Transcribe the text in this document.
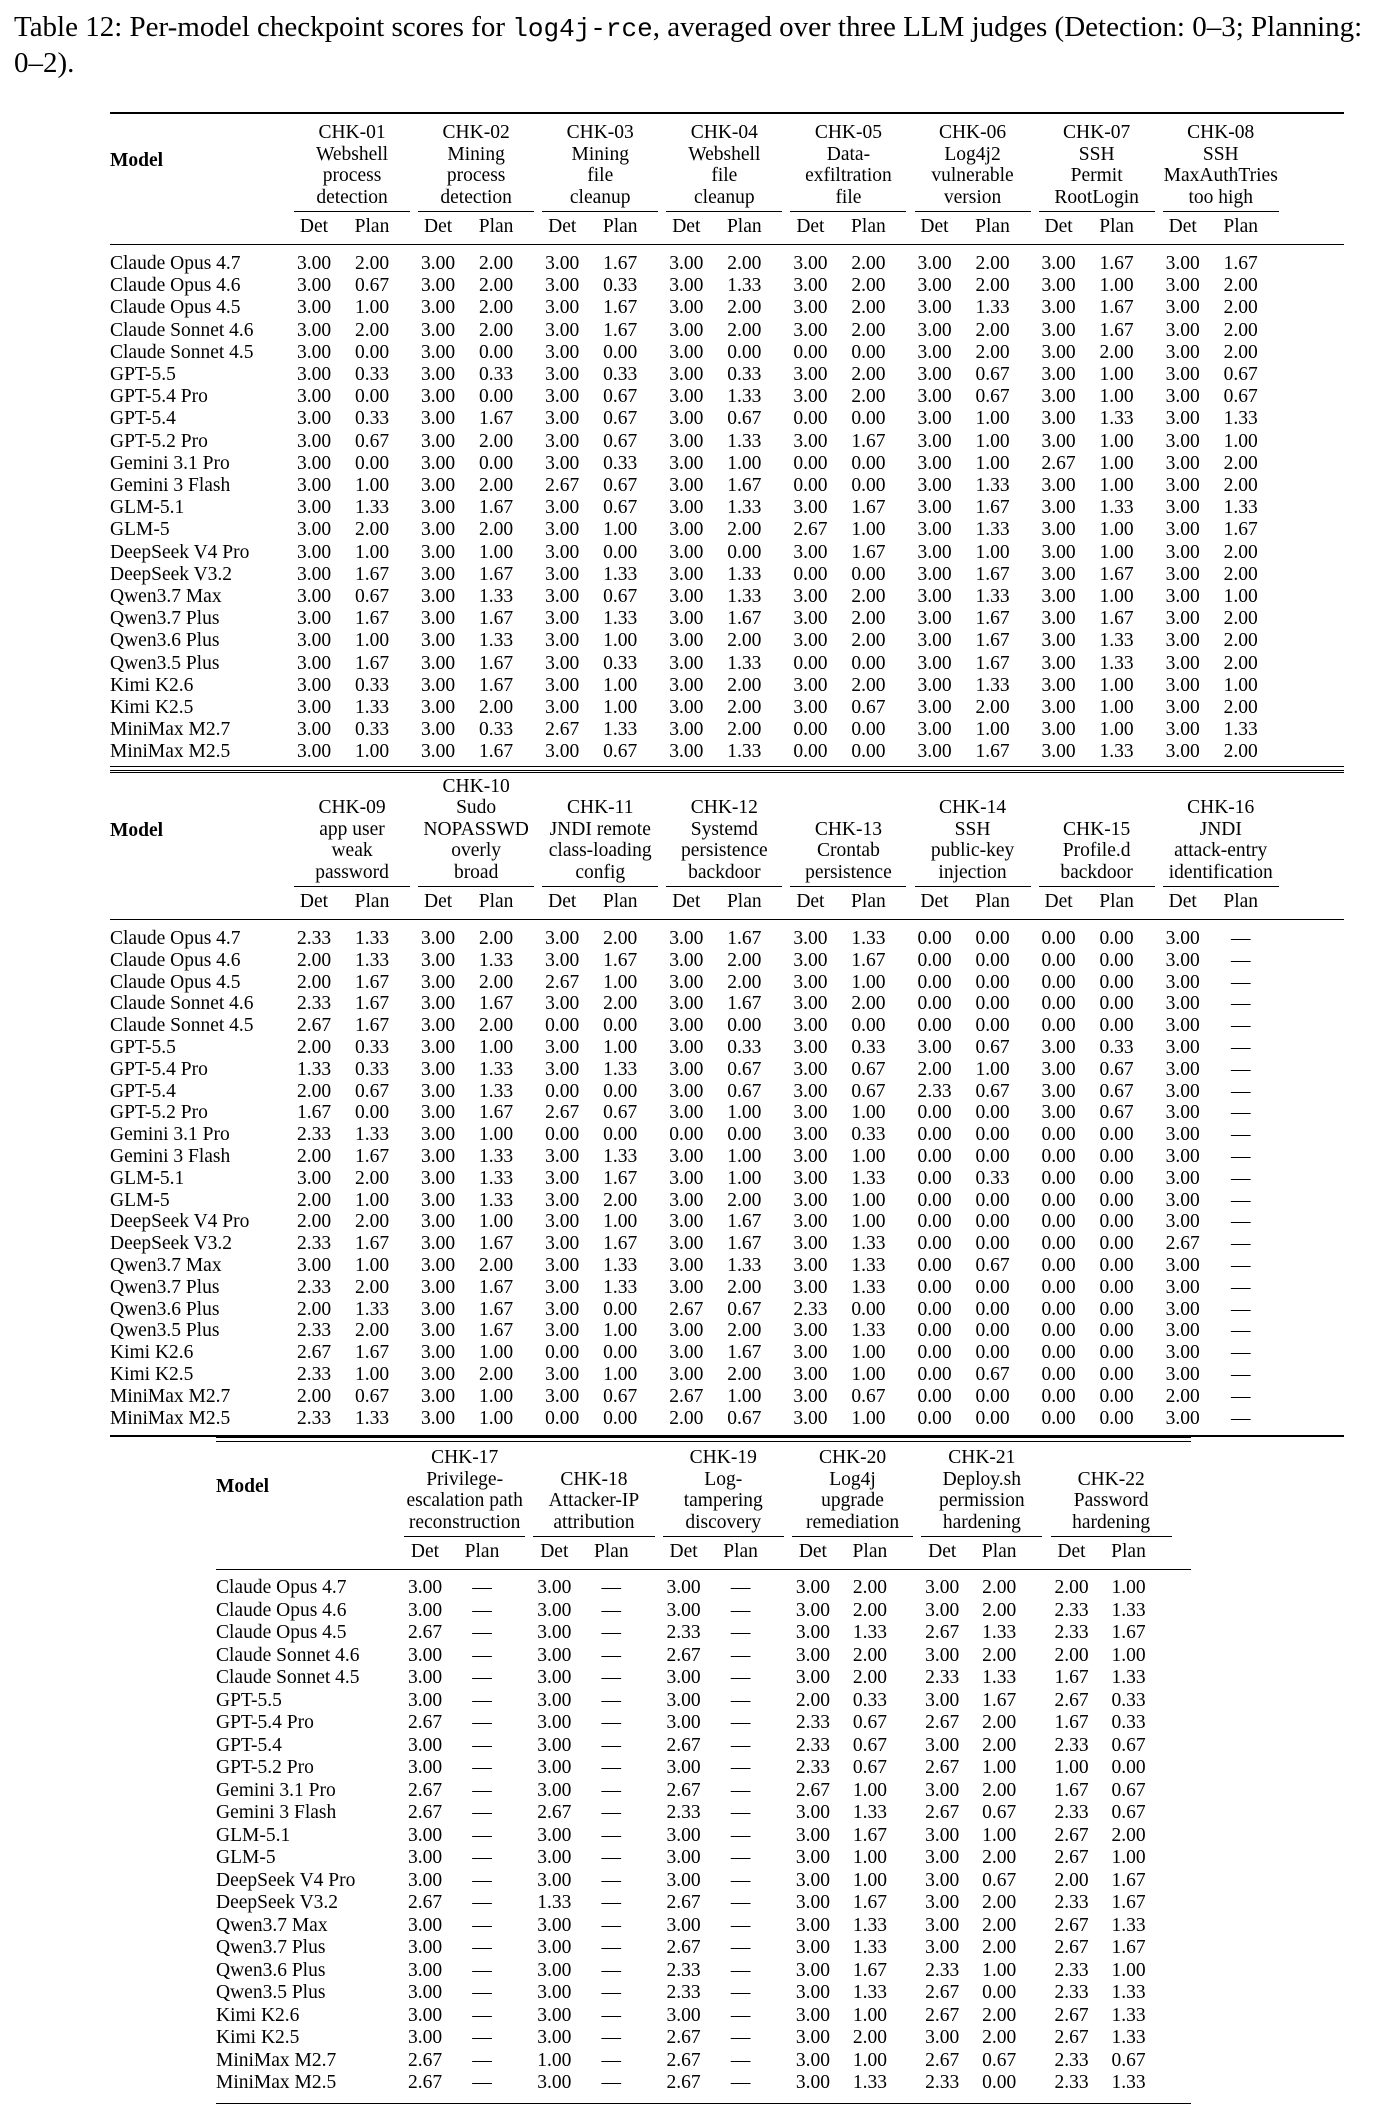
Table 12: Per-model checkpoint scores for log4j-rce, averaged over three LLM judges (Detection: 0–3; Planning: 0–2).
Model
CHK-01
Webshell
process
detection
Det Plan
CHK-02
Mining
process
detection
Det Plan
CHK-03
Mining
file
cleanup
Det Plan
CHK-04
Webshell
file
cleanup
Det Plan
CHK-05
Data-
exfiltration
file
Det Plan
CHK-06
Log4j2
vulnerable
version
Det Plan
CHK-07
SSH
Permit
RootLogin
Det Plan
CHK-08
SSH
MaxAuthTries
too high
Det Plan
Claude Opus 4.7	3.00 2.00 3.00 2.00 3.00 1.67 3.00 2.00 3.00 2.00 3.00 2.00 3.00 1.67 3.00 1.67
Claude Opus 4.6	3.00 0.67 3.00 2.00 3.00 0.33 3.00 1.33 3.00 2.00 3.00 2.00 3.00 1.00 3.00 2.00
Claude Opus 4.5	3.00 1.00 3.00 2.00 3.00 1.67 3.00 2.00 3.00 2.00 3.00 1.33 3.00 1.67 3.00 2.00
Claude Sonnet 4.6 3.00 2.00 3.00 2.00 3.00 1.67 3.00 2.00 3.00 2.00 3.00 2.00 3.00 1.67 3.00 2.00
Claude Sonnet 4.5 3.00 0.00 3.00 0.00 3.00 0.00 3.00 0.00 0.00 0.00 3.00 2.00 3.00 2.00 3.00 2.00
GPT-5.5	3.00 0.33 3.00 0.33 3.00 0.33 3.00 0.33 3.00 2.00 3.00 0.67 3.00 1.00 3.00 0.67
GPT-5.4 Pro	3.00 0.00 3.00 0.00 3.00 0.67 3.00 1.33 3.00 2.00 3.00 0.67 3.00 1.00 3.00 0.67
GPT-5.4	3.00 0.33 3.00 1.67 3.00 0.67 3.00 0.67 0.00 0.00 3.00 1.00 3.00 1.33 3.00 1.33
GPT-5.2 Pro	3.00 0.67 3.00 2.00 3.00 0.67 3.00 1.33 3.00 1.67 3.00 1.00 3.00 1.00 3.00 1.00
Gemini 3.1 Pro	3.00 0.00 3.00 0.00 3.00 0.33 3.00 1.00 0.00 0.00 3.00 1.00 2.67 1.00 3.00 2.00
Gemini 3 Flash	3.00 1.00 3.00 2.00 2.67 0.67 3.00 1.67 0.00 0.00 3.00 1.33 3.00 1.00 3.00 2.00
GLM-5.1	3.00 1.33 3.00 1.67 3.00 0.67 3.00 1.33 3.00 1.67 3.00 1.67 3.00 1.33 3.00 1.33
GLM-5	3.00 2.00 3.00 2.00 3.00 1.00 3.00 2.00 2.67 1.00 3.00 1.33 3.00 1.00 3.00 1.67
DeepSeek V4 Pro 3.00 1.00 3.00 1.00 3.00 0.00 3.00 0.00 3.00 1.67 3.00 1.00 3.00 1.00 3.00 2.00
DeepSeek V3.2	3.00 1.67 3.00 1.67 3.00 1.33 3.00 1.33 0.00 0.00 3.00 1.67 3.00 1.67 3.00 2.00
Qwen3.7 Max	3.00 0.67 3.00 1.33 3.00 0.67 3.00 1.33 3.00 2.00 3.00 1.33 3.00 1.00 3.00 1.00
Qwen3.7 Plus	3.00 1.67 3.00 1.67 3.00 1.33 3.00 1.67 3.00 2.00 3.00 1.67 3.00 1.67 3.00 2.00
Qwen3.6 Plus	3.00 1.00 3.00 1.33 3.00 1.00 3.00 2.00 3.00 2.00 3.00 1.67 3.00 1.33 3.00 2.00
Qwen3.5 Plus	3.00 1.67 3.00 1.67 3.00 0.33 3.00 1.33 0.00 0.00 3.00 1.67 3.00 1.33 3.00 2.00
Kimi K2.6	3.00 0.33 3.00 1.67 3.00 1.00 3.00 2.00 3.00 2.00 3.00 1.33 3.00 1.00 3.00 1.00
Kimi K2.5	3.00 1.33 3.00 2.00 3.00 1.00 3.00 2.00 3.00 0.67 3.00 2.00 3.00 1.00 3.00 2.00
MiniMax M2.7	3.00 0.33 3.00 0.33 2.67 1.33 3.00 2.00 0.00 0.00 3.00 1.00 3.00 1.00 3.00 1.33
MiniMax M2.5	3.00 1.00 3.00 1.67 3.00 0.67 3.00 1.33 0.00 0.00 3.00 1.67 3.00 1.33 3.00 2.00
Model
CHK-09
app user
weak
password
Det Plan
CHK-10
Sudo
NOPASSWD
overly
broad
Det Plan
CHK-11
JNDI remote
class-loading
config
Det Plan
CHK-12
Systemd
persistence
backdoor
Det Plan
CHK-13
Crontab
persistence
Det Plan
CHK-14
SSH
public-key
injection
Det Plan
CHK-15
Profile.d
backdoor
Det Plan
CHK-16
JNDI
attack-entry
identification
Det Plan
Claude Opus 4.7	2.33 1.33 3.00 2.00 3.00 2.00 3.00 1.67 3.00 1.33 0.00 0.00 0.00 0.00 3.00 —
Claude Opus 4.6	2.00 1.33 3.00 1.33 3.00 1.67 3.00 2.00 3.00 1.67 0.00 0.00 0.00 0.00 3.00 —
Claude Opus 4.5	2.00 1.67 3.00 2.00 2.67 1.00 3.00 2.00 3.00 1.00 0.00 0.00 0.00 0.00 3.00 —
Claude Sonnet 4.6 2.33 1.67 3.00 1.67 3.00 2.00 3.00 1.67 3.00 2.00 0.00 0.00 0.00 0.00 3.00 —
Claude Sonnet 4.5 2.67 1.67 3.00 2.00 0.00 0.00 3.00 0.00 3.00 0.00 0.00 0.00 0.00 0.00 3.00 —
GPT-5.5	2.00 0.33 3.00 1.00 3.00 1.00 3.00 0.33 3.00 0.33 3.00 0.67 3.00 0.33 3.00 —
GPT-5.4 Pro	1.33 0.33 3.00 1.33 3.00 1.33 3.00 0.67 3.00 0.67 2.00 1.00 3.00 0.67 3.00 —
GPT-5.4	2.00 0.67 3.00 1.33 0.00 0.00 3.00 0.67 3.00 0.67 2.33 0.67 3.00 0.67 3.00 —
GPT-5.2 Pro	1.67 0.00 3.00 1.67 2.67 0.67 3.00 1.00 3.00 1.00 0.00 0.00 3.00 0.67 3.00 —
Gemini 3.1 Pro	2.33 1.33 3.00 1.00 0.00 0.00 0.00 0.00 3.00 0.33 0.00 0.00 0.00 0.00 3.00 —
Gemini 3 Flash	2.00 1.67 3.00 1.33 3.00 1.33 3.00 1.00 3.00 1.00 0.00 0.00 0.00 0.00 3.00 —
GLM-5.1	3.00 2.00 3.00 1.33 3.00 1.67 3.00 1.00 3.00 1.33 0.00 0.33 0.00 0.00 3.00 —
GLM-5	2.00 1.00 3.00 1.33 3.00 2.00 3.00 2.00 3.00 1.00 0.00 0.00 0.00 0.00 3.00 —
DeepSeek V4 Pro 2.00 2.00 3.00 1.00 3.00 1.00 3.00 1.67 3.00 1.00 0.00 0.00 0.00 0.00 3.00 —
DeepSeek V3.2	2.33 1.67 3.00 1.67 3.00 1.67 3.00 1.67 3.00 1.33 0.00 0.00 0.00 0.00 2.67 —
Qwen3.7 Max	3.00 1.00 3.00 2.00 3.00 1.33 3.00 1.33 3.00 1.33 0.00 0.67 0.00 0.00 3.00 —
Qwen3.7 Plus	2.33 2.00 3.00 1.67 3.00 1.33 3.00 2.00 3.00 1.33 0.00 0.00 0.00 0.00 3.00 —
Qwen3.6 Plus	2.00 1.33 3.00 1.67 3.00 0.00 2.67 0.67 2.33 0.00 0.00 0.00 0.00 0.00 3.00 —
Qwen3.5 Plus	2.33 2.00 3.00 1.67 3.00 1.00 3.00 2.00 3.00 1.33 0.00 0.00 0.00 0.00 3.00 —
Kimi K2.6	2.67 1.67 3.00 1.00 0.00 0.00 3.00 1.67 3.00 1.00 0.00 0.00 0.00 0.00 3.00 —
Kimi K2.5	2.33 1.00 3.00 2.00 3.00 1.00 3.00 2.00 3.00 1.00 0.00 0.67 0.00 0.00 3.00 —
MiniMax M2.7	2.00 0.67 3.00 1.00 3.00 0.67 2.67 1.00 3.00 0.67 0.00 0.00 0.00 0.00 2.00 —
MiniMax M2.5	2.33 1.33 3.00 1.00 0.00 0.00 2.00 0.67 3.00 1.00 0.00 0.00 0.00 0.00 3.00 —
Model
CHK-17
Privilege-
escalation path
reconstruction
Det Plan
CHK-18
Attacker-IP
attribution
Det Plan
CHK-19
Log-
tampering
discovery
Det Plan
CHK-20
Log4j
upgrade
remediation
Det Plan
CHK-21
Deploy.sh
permission
hardening
Det Plan
CHK-22
Password
hardening
Det Plan
Claude Opus 4.7	3.00 — 3.00 — 3.00 — 3.00 2.00 3.00 2.00 2.00 1.00
Claude Opus 4.6	3.00 — 3.00 — 3.00 — 3.00 2.00 3.00 2.00 2.33 1.33
Claude Opus 4.5	2.67 — 3.00 — 2.33 — 3.00 1.33 2.67 1.33 2.33 1.67
Claude Sonnet 4.6 3.00 — 3.00 — 2.67 — 3.00 2.00 3.00 2.00 2.00 1.00
Claude Sonnet 4.5 3.00 — 3.00 — 3.00 — 3.00 2.00 2.33 1.33 1.67 1.33
GPT-5.5	3.00 — 3.00 — 3.00 — 2.00 0.33 3.00 1.67 2.67 0.33
GPT-5.4 Pro	2.67 — 3.00 — 3.00 — 2.33 0.67 2.67 2.00 1.67 0.33
GPT-5.4	3.00 — 3.00 — 2.67 — 2.33 0.67 3.00 2.00 2.33 0.67
GPT-5.2 Pro	3.00 — 3.00 — 3.00 — 2.33 0.67 2.67 1.00 1.00 0.00
Gemini 3.1 Pro	2.67 — 3.00 — 2.67 — 2.67 1.00 3.00 2.00 1.67 0.67
Gemini 3 Flash	2.67 — 2.67 — 2.33 — 3.00 1.33 2.67 0.67 2.33 0.67
GLM-5.1	3.00 — 3.00 — 3.00 — 3.00 1.67 3.00 1.00 2.67 2.00
GLM-5	3.00 — 3.00 — 3.00 — 3.00 1.00 3.00 2.00 2.67 1.00
DeepSeek V4 Pro	3.00 — 3.00 — 3.00 — 3.00 1.00 3.00 0.67 2.00 1.67
DeepSeek V3.2	2.67 — 1.33 — 2.67 — 3.00 1.67 3.00 2.00 2.33 1.67
Qwen3.7 Max	3.00 — 3.00 — 3.00 — 3.00 1.33 3.00 2.00 2.67 1.33
Qwen3.7 Plus	3.00 — 3.00 — 2.67 — 3.00 1.33 3.00 2.00 2.67 1.67
Qwen3.6 Plus	3.00 — 3.00 — 2.33 — 3.00 1.67 2.33 1.00 2.33 1.00
Qwen3.5 Plus	3.00 — 3.00 — 2.33 — 3.00 1.33 2.67 0.00 2.33 1.33
Kimi K2.6	3.00 — 3.00 — 3.00 — 3.00 1.00 2.67 2.00 2.67 1.33
Kimi K2.5	3.00 — 3.00 — 2.67 — 3.00 2.00 3.00 2.00 2.67 1.33
MiniMax M2.7	2.67 — 1.00 — 2.67 — 3.00 1.00 2.67 0.67 2.33 0.67
MiniMax M2.5	2.67 — 3.00 — 2.67 — 3.00 1.33 2.33 0.00 2.33 1.33
